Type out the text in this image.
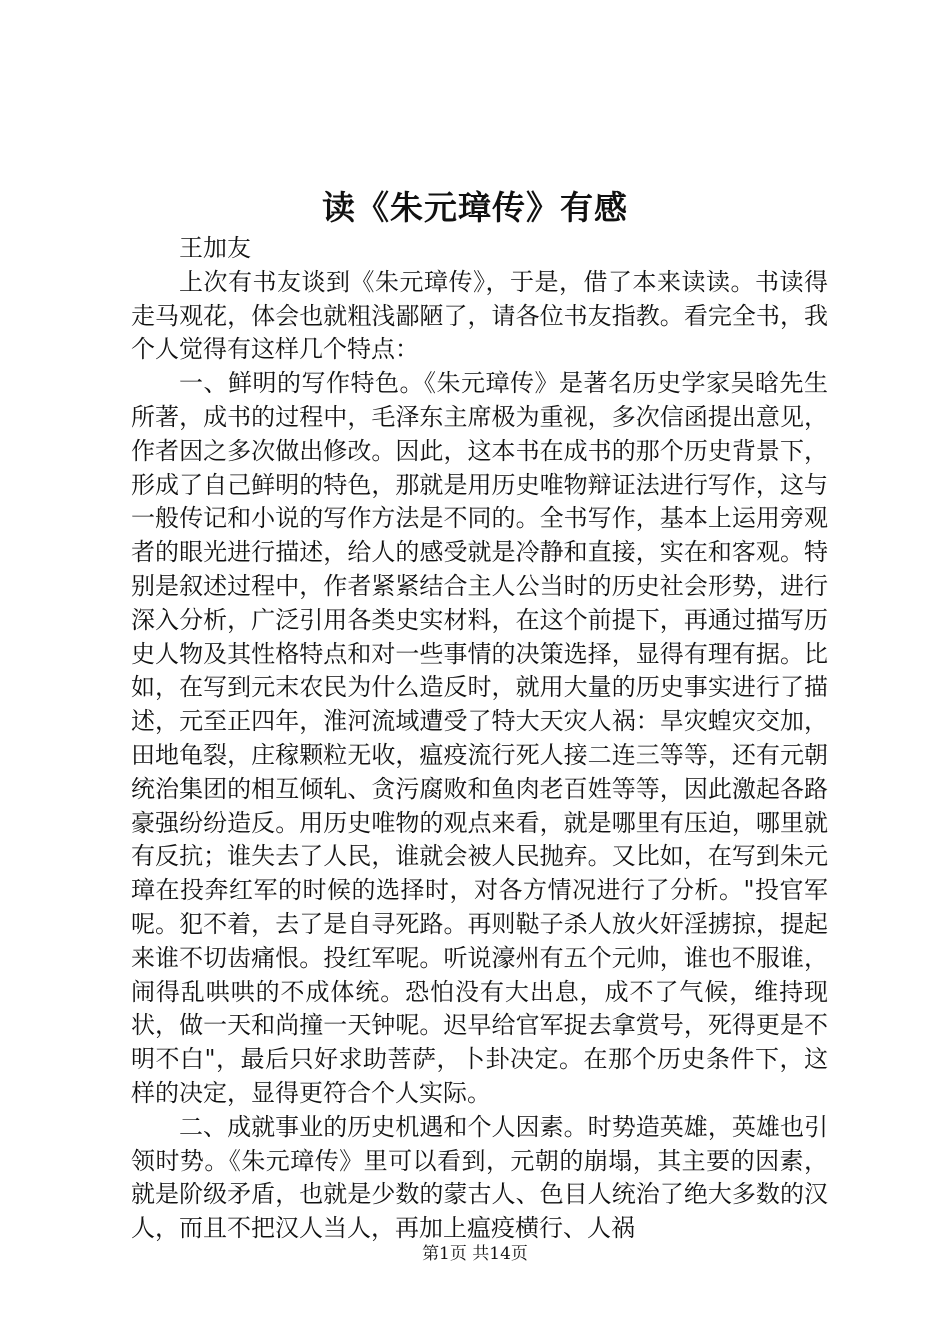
读《朱元璋传》有感

王加友

上次有书友谈到《朱元璋传》，于是，借了本来读读。书读得走马观花，体会也就粗浅鄙陋了，请各位书友指教。看完全书，我个人觉得有这样几个特点：

一、鲜明的写作特色。《朱元璋传》是著名历史学家吴晗先生所著，成书的过程中，毛泽东主席极为重视，多次信函提出意见，作者因之多次做出修改。因此，这本书在成书的那个历史背景下，形成了自己鲜明的特色，那就是用历史唯物辩证法进行写作，这与一般传记和小说的写作方法是不同的。全书写作，基本上运用旁观者的眼光进行描述，给人的感受就是冷静和直接，实在和客观。特别是叙述过程中，作者紧紧结合主人公当时的历史社会形势，进行深入分析，广泛引用各类史实材料，在这个前提下，再通过描写历史人物及其性格特点和对一些事情的决策选择，显得有理有据。比如，在写到元末农民为什么造反时，就用大量的历史事实进行了描述，元至正四年，淮河流域遭受了特大天灾人祸：旱灾蝗灾交加，田地龟裂，庄稼颗粒无收，瘟疫流行死人接二连三等等，还有元朝统治集团的相互倾轧、贪污腐败和鱼肉老百姓等等，因此激起各路豪强纷纷造反。用历史唯物的观点来看，就是哪里有压迫，哪里就有反抗；谁失去了人民，谁就会被人民抛弃。又比如，在写到朱元璋在投奔红军的时候的选择时，对各方情况进行了分析。"投官军呢。犯不着，去了是自寻死路。再则鞑子杀人放火奸淫掳掠，提起来谁不切齿痛恨。投红军呢。听说濠州有五个元帅，谁也不服谁，闹得乱哄哄的不成体统。恐怕没有大出息，成不了气候，维持现状，做一天和尚撞一天钟呢。迟早给官军捉去拿赏号，死得更是不明不白"，最后只好求助菩萨，卜卦决定。在那个历史条件下，这样的决定，显得更符合个人实际。

二、成就事业的历史机遇和个人因素。时势造英雄，英雄也引领时势。《朱元璋传》里可以看到，元朝的崩塌，其主要的因素，就是阶级矛盾，也就是少数的蒙古人、色目人统治了绝大多数的汉人，而且不把汉人当人，再加上瘟疫横行、人祸

第1页 共14页
